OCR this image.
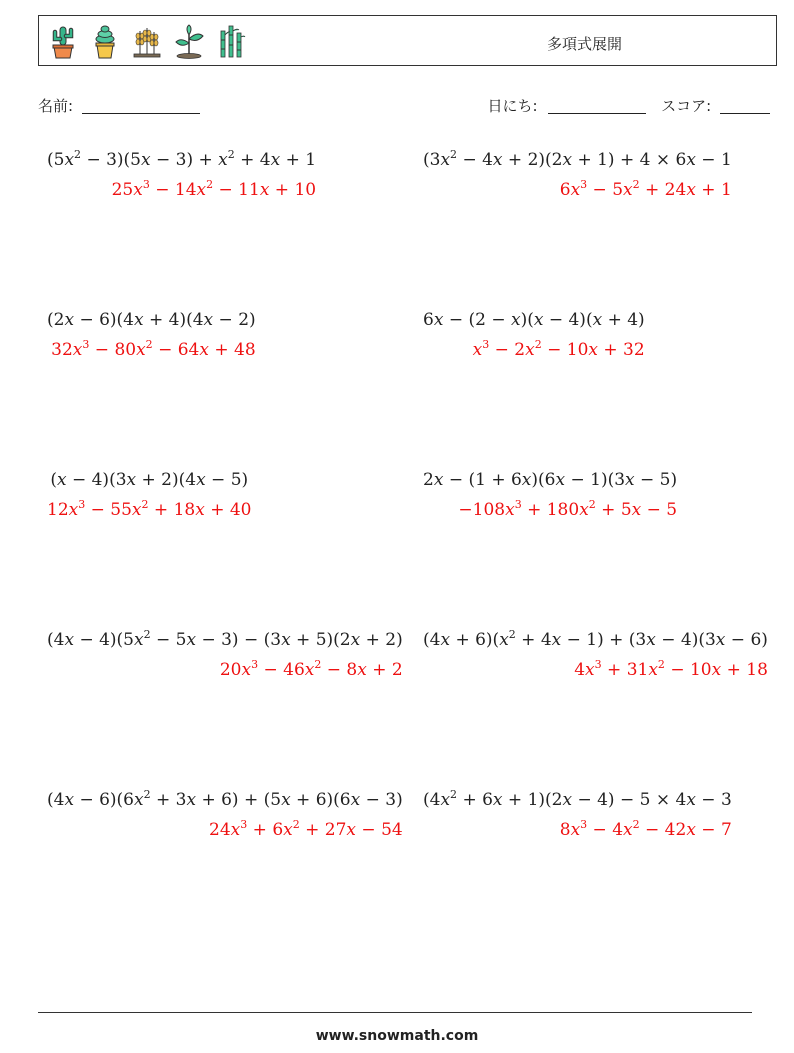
多項式展開
名前:	日にち:	スコア:
$(5x^2 - 3)(5x - 3) + x^2 + 4x + 1$
$25x^3 - 14x^2 - 11x + 10$
$(3x^2 - 4x + 2)(2x + 1) + 4 \times 6x - 1$
$6x^3 - 5x^2 + 24x + 1$
(2x − 6)(4x + 4)(4x − 2)
$32x^3 - 80x^2 - 64x + 48$
6x − (2 − x)(x − 4)(x + 4)
$x^3 - 2x^2 - 10x + 32$
(x − 4)(3x + 2)(4x − 5)
$12x^3 - 55x^2 + 18x + 40$
2x − (1 + 6x)(6x − 1)(3x − 5)
$-108x^3 + 180x^2 + 5x - 5$
$(4x - 4)(5x^2 - 5x - 3) - (3x + 5)(2x + 2)$
$20x^3 - 46x^2 - 8x + 2$
$(4x + 6)(x^2 + 4x - 1) + (3x - 4)(3x - 6)$
$4x^3 + 31x^2 - 10x + 18$
$(4x - 6)(6x^2 + 3x + 6) + (5x + 6)(6x - 3)$
$24x^3 + 6x^2 + 27x - 54$
$(4x^2 + 6x + 1)(2x - 4) - 5 \times 4x - 3$
$8x^3 - 4x^2 - 42x - 7$
www.snowmath.com
